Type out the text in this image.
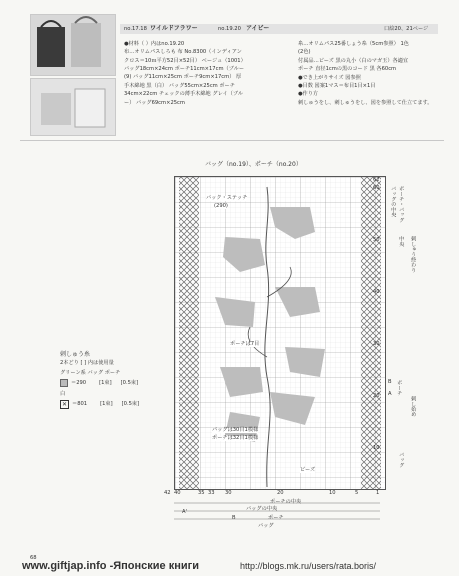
no.17.18 ワイルドフラワー	no.19.20 アイビー	口絵20、21ページ
●材料（ ）内はno.19.20
布…オリムパスしろも 布 No.8300（インディアン
クロス＝10ｍ平方52目×52目） ベージュ（1001）
バッグ18cm×24cm ポーチ11cm×17cm（ブルー
(9) バッグ11cm×25cm ポーチ9cm×17cm） 厚
手木綿地 黒（白） バッグ55cm×25cm ポーチ
34cm×22cm チェックの薄手木綿地 グレイ（ブル
ー） バッグ69cm×25cm
糸…オリムパス25番しょう糸（5cm参照） 1色
(2色)
付属品…ビーズ 黒の丸小（白のマガ玉）各適宜
ポーチ 直径1cmの黒のコード 黒 各60cm
●でき上がりサイズ 図参照
●目数 図案1マス＝布目1目×1目
●作り方
刺しゅうをし、刺しゅうをし、図を参照して仕立てます。
バッグ（no.19）、ポーチ（no.20）
バック・ステッチ
(290)
ポーチは7目
バッグは30目1模様
ポーチは32目1模様
ビーズ
62
60
50
40
30
20
10
ポーチ・バッグ
バッグの中央
中央 刺しゅう終わり
B
A ポーチ
刺し始め
バッグ
42 40	35 33 30	20	10	5	1
ポーチの中央
バッグの中央
A'
ポーチ
B
バッグ
刺しゅう糸
2本どり [ ] 内は使用量
グリーン系 バッグ ポーチ
＝290	[1束] [0.5束]
白
✕ ＝801	[1束] [0.5束]
68
www.giftjap.info -Японские книги	http://blogs.mk.ru/users/rata.boris/
